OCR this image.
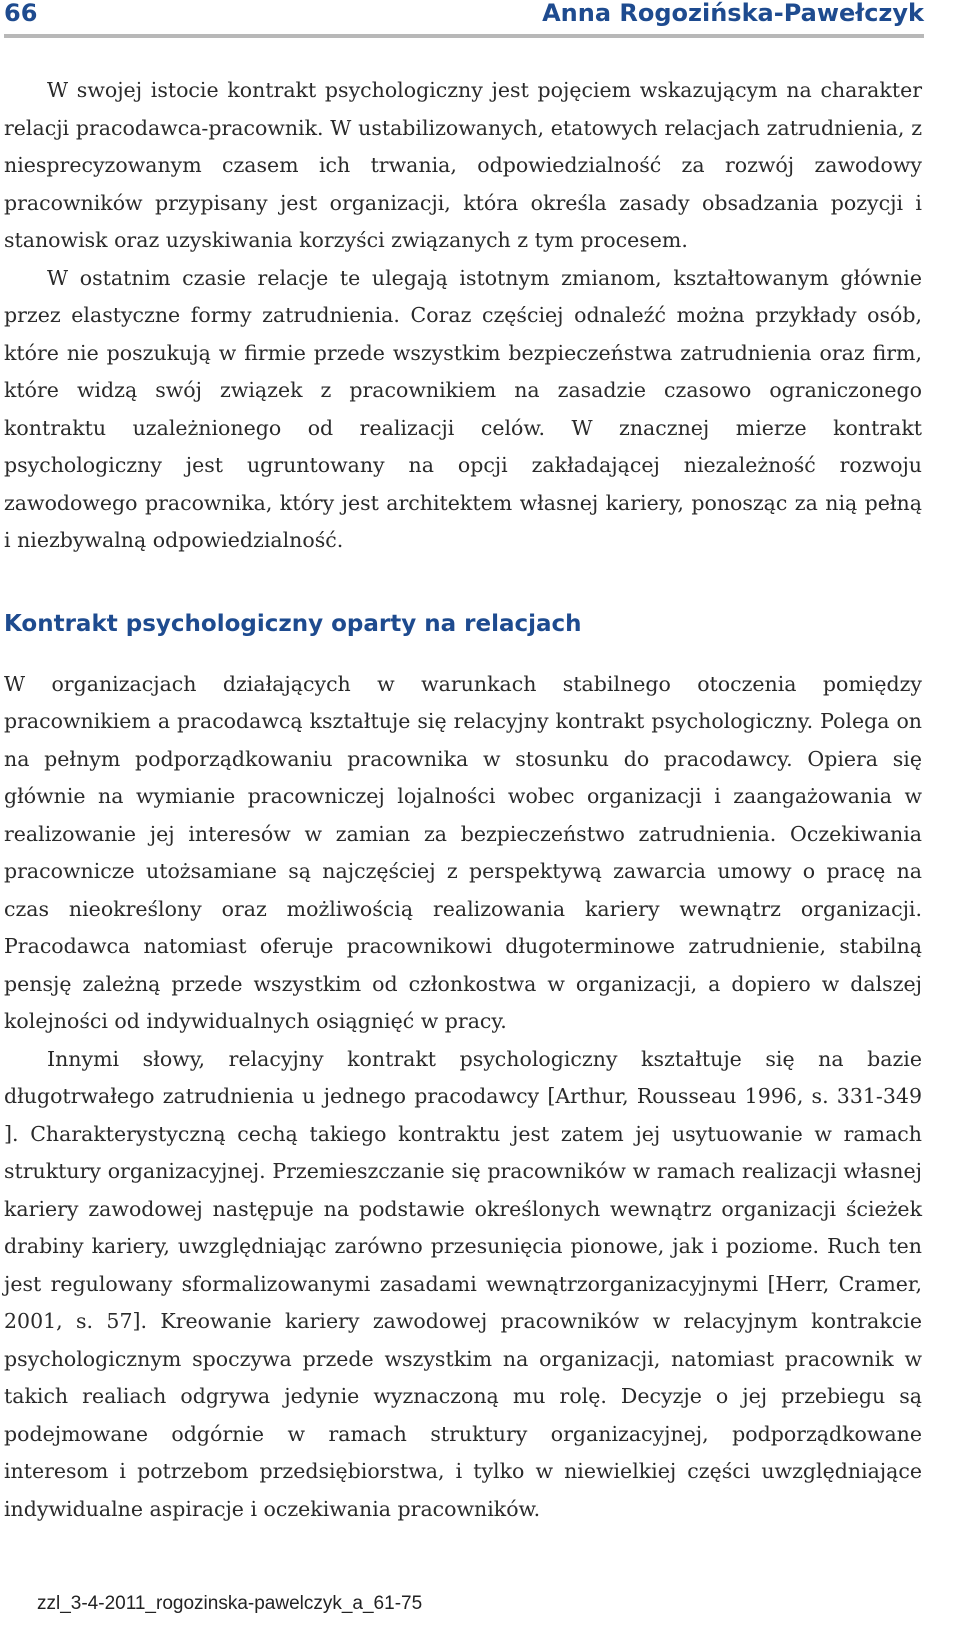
66	Anna Rogozińska-Pawełczyk

W swojej istocie kontrakt psychologiczny jest pojęciem wskazującym na charakter relacji pracodawca-pracownik. W ustabilizowanych, etatowych relacjach zatrudnienia, z niesprecyzowanym czasem ich trwania, odpowiedzialność za rozwój zawodowy pracowników przypisany jest organizacji, która określa zasady obsadzania pozycji i stanowisk oraz uzyskiwania korzyści związanych z tym procesem.

W ostatnim czasie relacje te ulegają istotnym zmianom, kształtowanym głównie przez elastyczne formy zatrudnienia. Coraz częściej odnaleźć można przykłady osób, które nie poszukują w firmie przede wszystkim bezpieczeństwa zatrudnienia oraz firm, które widzą swój związek z pracownikiem na zasadzie czasowo ograniczonego kontraktu uzależnionego od realizacji celów. W znacznej mierze kontrakt psychologiczny jest ugruntowany na opcji zakładającej niezależność rozwoju zawodowego pracownika, który jest architektem własnej kariery, ponosząc za nią pełną i niezbywalną odpowiedzialność.

Kontrakt psychologiczny oparty na relacjach

W organizacjach działających w warunkach stabilnego otoczenia pomiędzy pracownikiem a pracodawcą kształtuje się relacyjny kontrakt psychologiczny. Polega on na pełnym podporządkowaniu pracownika w stosunku do pracodawcy. Opiera się głównie na wymianie pracowniczej lojalności wobec organizacji i zaangażowania w realizowanie jej interesów w zamian za bezpieczeństwo zatrudnienia. Oczekiwania pracownicze utożsamiane są najczęściej z perspektywą zawarcia umowy o pracę na czas nieokreślony oraz możliwością realizowania kariery wewnątrz organizacji. Pracodawca natomiast oferuje pracownikowi długoterminowe zatrudnienie, stabilną pensję zależną przede wszystkim od członkostwa w organizacji, a dopiero w dalszej kolejności od indywidualnych osiągnięć w pracy.

Innymi słowy, relacyjny kontrakt psychologiczny kształtuje się na bazie długotrwałego zatrudnienia u jednego pracodawcy [Arthur, Rousseau 1996, s. 331-349 ]. Charakterystyczną cechą takiego kontraktu jest zatem jej usytuowanie w ramach struktury organizacyjnej. Przemieszczanie się pracowników w ramach realizacji własnej kariery zawodowej następuje na podstawie określonych wewnątrz organizacji ścieżek drabiny kariery, uwzględniając zarówno przesunięcia pionowe, jak i poziome. Ruch ten jest regulowany sformalizowanymi zasadami wewnątrzorganizacyjnymi [Herr, Cramer, 2001, s. 57]. Kreowanie kariery zawodowej pracowników w relacyjnym kontrakcie psychologicznym spoczywa przede wszystkim na organizacji, natomiast pracownik w takich realiach odgrywa jedynie wyznaczoną mu rolę. Decyzje o jej przebiegu są podejmowane odgórnie w ramach struktury organizacyjnej, podporządkowane interesom i potrzebom przedsiębiorstwa, i tylko w niewielkiej części uwzględniające indywidualne aspiracje i oczekiwania pracowników.

zzl_3-4-2011_rogozinska-pawelczyk_a_61-75
